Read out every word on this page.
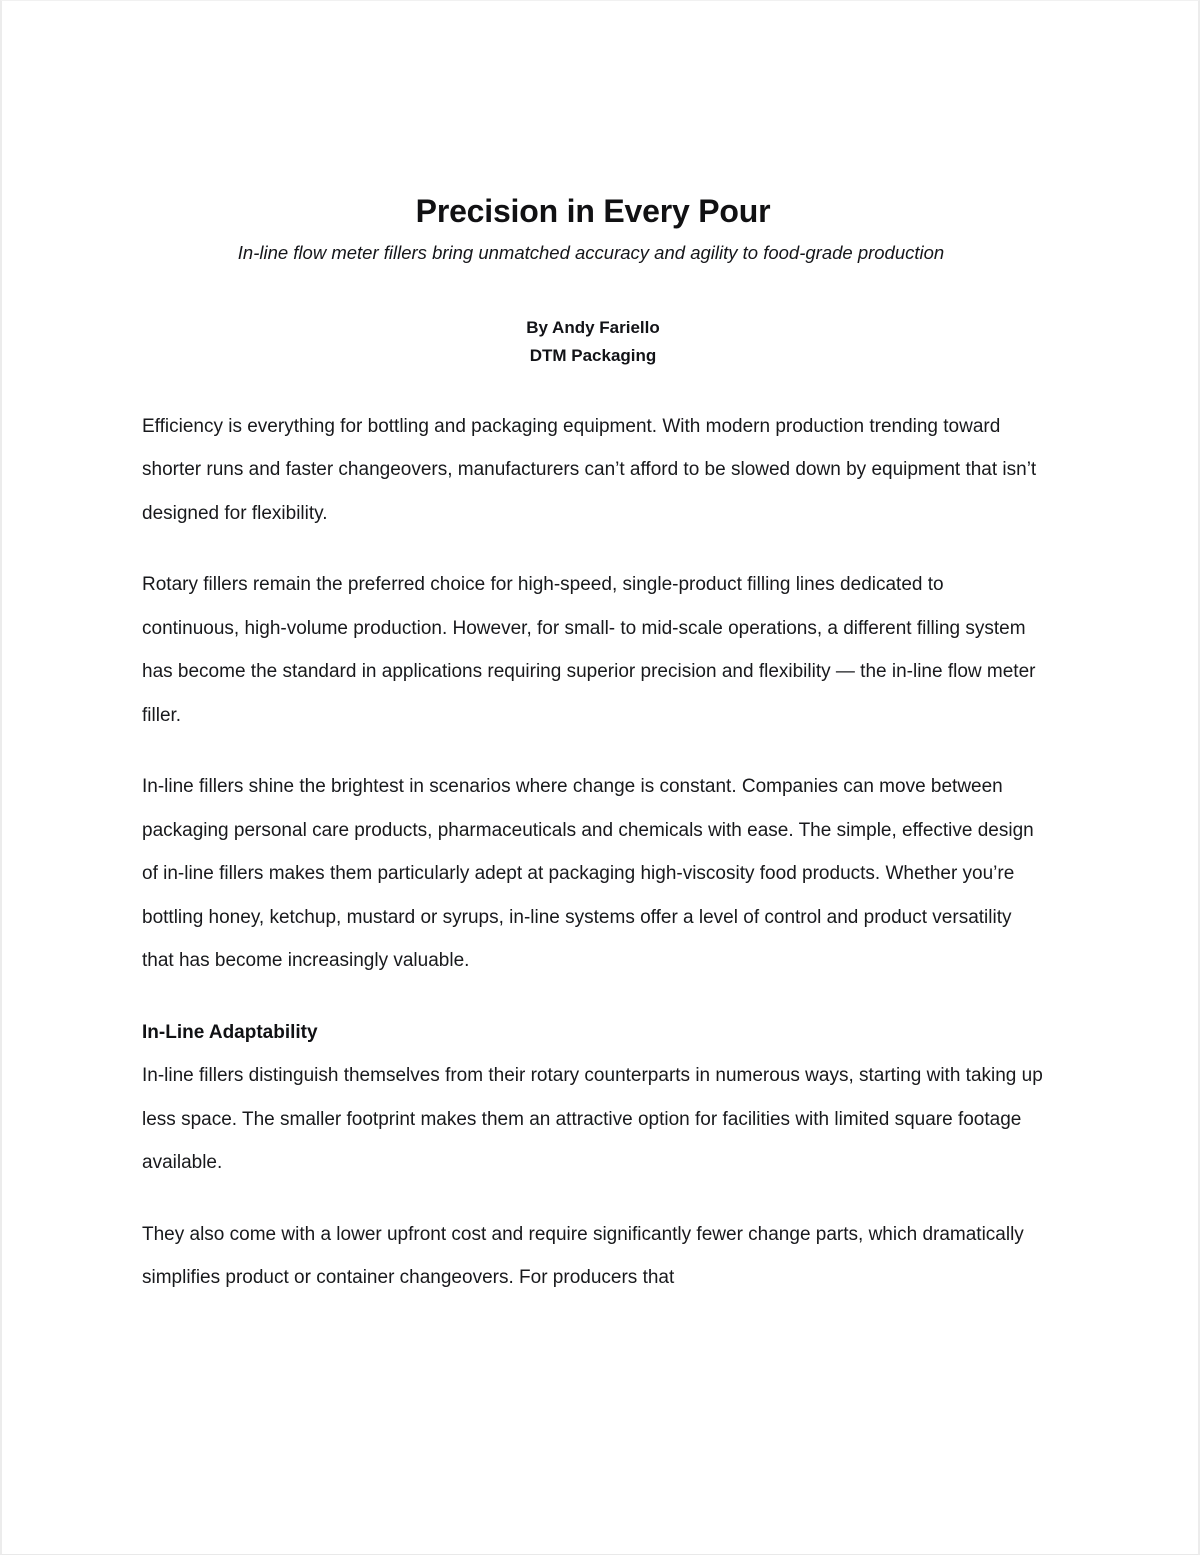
Precision in Every Pour

In-line flow meter fillers bring unmatched accuracy and agility to food-grade production

By Andy Fariello
DTM Packaging

Efficiency is everything for bottling and packaging equipment. With modern production trending toward shorter runs and faster changeovers, manufacturers can’t afford to be slowed down by equipment that isn’t designed for flexibility.

Rotary fillers remain the preferred choice for high-speed, single-product filling lines dedicated to continuous, high-volume production. However, for small- to mid-scale operations, a different filling system has become the standard in applications requiring superior precision and flexibility — the in-line flow meter filler.

In-line fillers shine the brightest in scenarios where change is constant. Companies can move between packaging personal care products, pharmaceuticals and chemicals with ease. The simple, effective design of in-line fillers makes them particularly adept at packaging high-viscosity food products. Whether you’re bottling honey, ketchup, mustard or syrups, in-line systems offer a level of control and product versatility that has become increasingly valuable.

In-Line Adaptability

In-line fillers distinguish themselves from their rotary counterparts in numerous ways, starting with taking up less space. The smaller footprint makes them an attractive option for facilities with limited square footage available.

They also come with a lower upfront cost and require significantly fewer change parts, which dramatically simplifies product or container changeovers. For producers that
